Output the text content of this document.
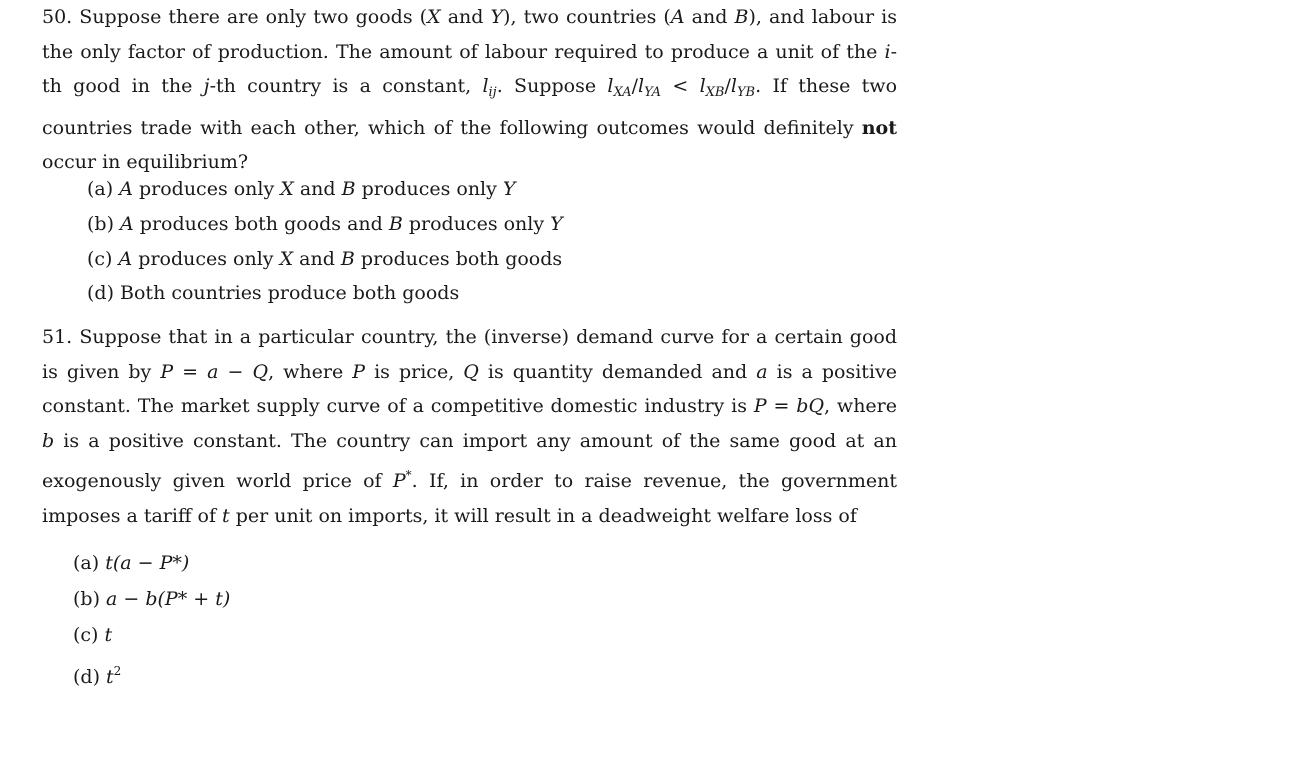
50. Suppose there are only two goods (X and Y), two countries (A and B), and labour is the only factor of production. The amount of labour required to produce a unit of the i-th good in the j-th country is a constant, $l_{ij}$. Suppose $l_{XA}/l_{YA} < l_{XB}/l_{YB}$. If these two countries trade with each other, which of the following outcomes would definitely not occur in equilibrium?
(a) A produces only X and B produces only Y
(b) A produces both goods and B produces only Y
(c) A produces only X and B produces both goods
(d) Both countries produce both goods
51. Suppose that in a particular country, the (inverse) demand curve for a certain good is given by P = a − Q, where P is price, Q is quantity demanded and a is a positive constant. The market supply curve of a competitive domestic industry is P = bQ, where b is a positive constant. The country can import any amount of the same good at an exogenously given world price of P*. If, in order to raise revenue, the government imposes a tariff of t per unit on imports, it will result in a deadweight welfare loss of
(a) t(a − P*)
(b) a − b(P* + t)
(c) t
(d) $t^2$
